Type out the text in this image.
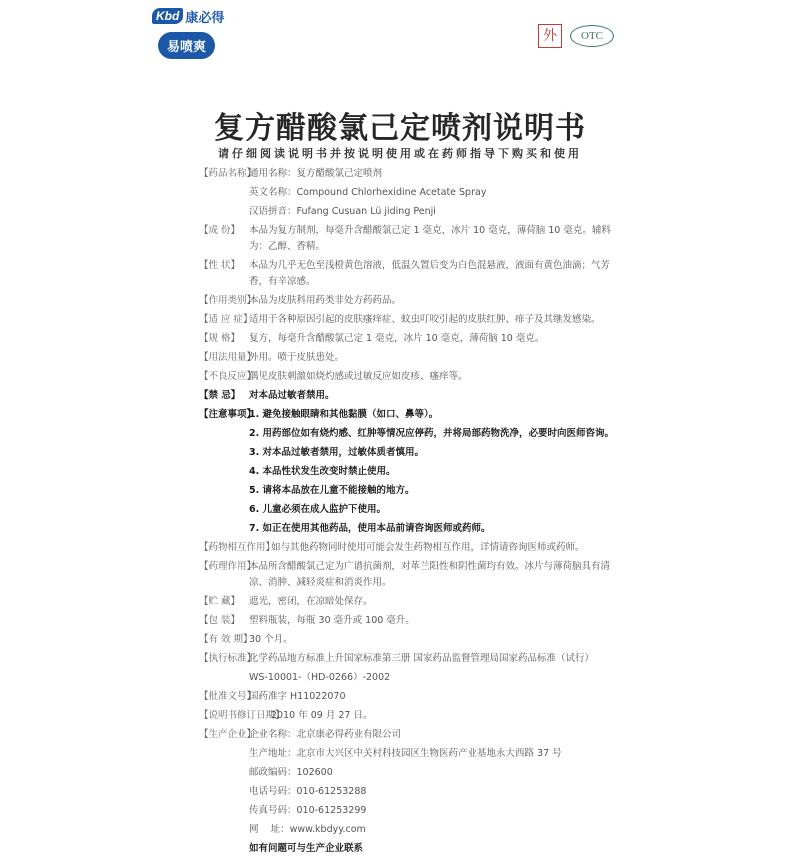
Kbd 康必得
易喷爽
外	OTC
复方醋酸氯己定喷剂说明书
请仔细阅读说明书并按说明使用或在药师指导下购买和使用
【药品名称】
通用名称：复方醋酸氯己定喷剂
英文名称：Compound Chlorhexidine Acetate Spray
汉语拼音：Fufang Cusuan Lü jiding Penji
【成 份】 本品为复方制剂，每毫升含醋酸氯己定 1 毫克，冰片 10 毫克，薄荷脑 10 毫克。辅料为：乙醇、香精。
【性 状】 本品为几乎无色至浅橙黄色溶液，低温久置后变为白色混悬液，液面有黄色油滴；气芳香，有辛凉感。
【作用类别】
本品为皮肤科用药类非处方药药品。
【适 应 症】
适用于各种原因引起的皮肤瘙痒症、蚊虫叮咬引起的皮肤红肿、痱子及其继发感染。
【规 格】 复方，每毫升含醋酸氯己定 1 毫克，冰片 10 毫克，薄荷脑 10 毫克。
【用法用量】
外用。喷于皮肤患处。
【不良反应】
偶见皮肤刺激如烧灼感或过敏反应如皮疹、瘙痒等。
【禁 忌】 对本品过敏者禁用。
【注意事项】
1. 避免接触眼睛和其他黏膜（如口、鼻等）。
2. 用药部位如有烧灼感、红肿等情况应停药，并将局部药物洗净，必要时向医师咨询。
3. 对本品过敏者禁用，过敏体质者慎用。
4. 本品性状发生改变时禁止使用。
5. 请将本品放在儿童不能接触的地方。
6. 儿童必须在成人监护下使用。
7. 如正在使用其他药品，使用本品前请咨询医师或药师。
【药物相互作用】
如与其他药物同时使用可能会发生药物相互作用，详情请咨询医师或药师。
【药理作用】
本品所含醋酸氯己定为广谱抗菌剂，对革兰阳性和阴性菌均有效。冰片与薄荷脑具有清凉、消肿、减轻炎症和消炎作用。
【贮 藏】 遮光，密闭，在凉暗处保存。
【包 装】 塑料瓶装，每瓶 30 毫升或 100 毫升。
【有 效 期】
30 个月。
【执行标准】
化学药品地方标准上升国家标准第三册 国家药品监督管理局国家药品标准（试行）
WS-10001-（HD-0266）-2002
【批准文号】
国药准字 H11022070
【说明书修订日期】
2010 年 09 月 27 日。
【生产企业】
企业名称：北京康必得药业有限公司
生产地址：北京市大兴区中关村科技园区生物医药产业基地永大西路 37 号
邮政编码：102600
电话号码：010-61253288
传真号码：010-61253299
网    址：www.kbdyy.com
如有问题可与生产企业联系
